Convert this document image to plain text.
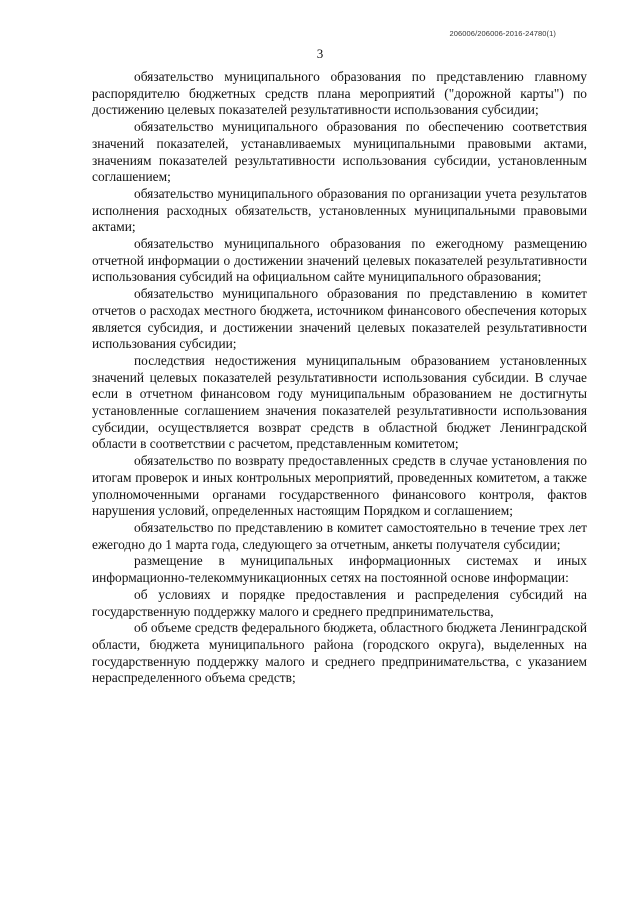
206006/206006-2016-24780(1)
3

обязательство муниципального образования по представлению главному распорядителю бюджетных средств плана мероприятий ("дорожной карты") по достижению целевых показателей результативности использования субсидии;

обязательство муниципального образования по обеспечению соответствия значений показателей, устанавливаемых муниципальными правовыми актами, значениям показателей результативности использования субсидии, установленным соглашением;

обязательство муниципального образования по организации учета результатов исполнения расходных обязательств, установленных муниципальными правовыми актами;

обязательство муниципального образования по ежегодному размещению отчетной информации о достижении значений целевых показателей результативности использования субсидий на официальном сайте муниципального образования;

обязательство муниципального образования по представлению в комитет отчетов о расходах местного бюджета, источником финансового обеспечения которых является субсидия, и достижении значений целевых показателей результативности использования субсидии;

последствия недостижения муниципальным образованием установленных значений целевых показателей результативности использования субсидии. В случае если в отчетном финансовом году муниципальным образованием не достигнуты установленные соглашением значения показателей результативности использования субсидии, осуществляется возврат средств в областной бюджет Ленинградской области в соответствии с расчетом, представленным комитетом;

обязательство по возврату предоставленных средств в случае установления по итогам проверок и иных контрольных мероприятий, проведенных комитетом, а также уполномоченными органами государственного финансового контроля, фактов нарушения условий, определенных настоящим Порядком и соглашением;

обязательство по представлению в комитет самостоятельно в течение трех лет ежегодно до 1 марта года, следующего за отчетным, анкеты получателя субсидии;

размещение в муниципальных информационных системах и иных информационно-телекоммуникационных сетях на постоянной основе информации:

об условиях и порядке предоставления и распределения субсидий на государственную поддержку малого и среднего предпринимательства,

об объеме средств федерального бюджета, областного бюджета Ленинградской области, бюджета муниципального района (городского округа), выделенных на государственную поддержку малого и среднего предпринимательства, с указанием нераспределенного объема средств;
